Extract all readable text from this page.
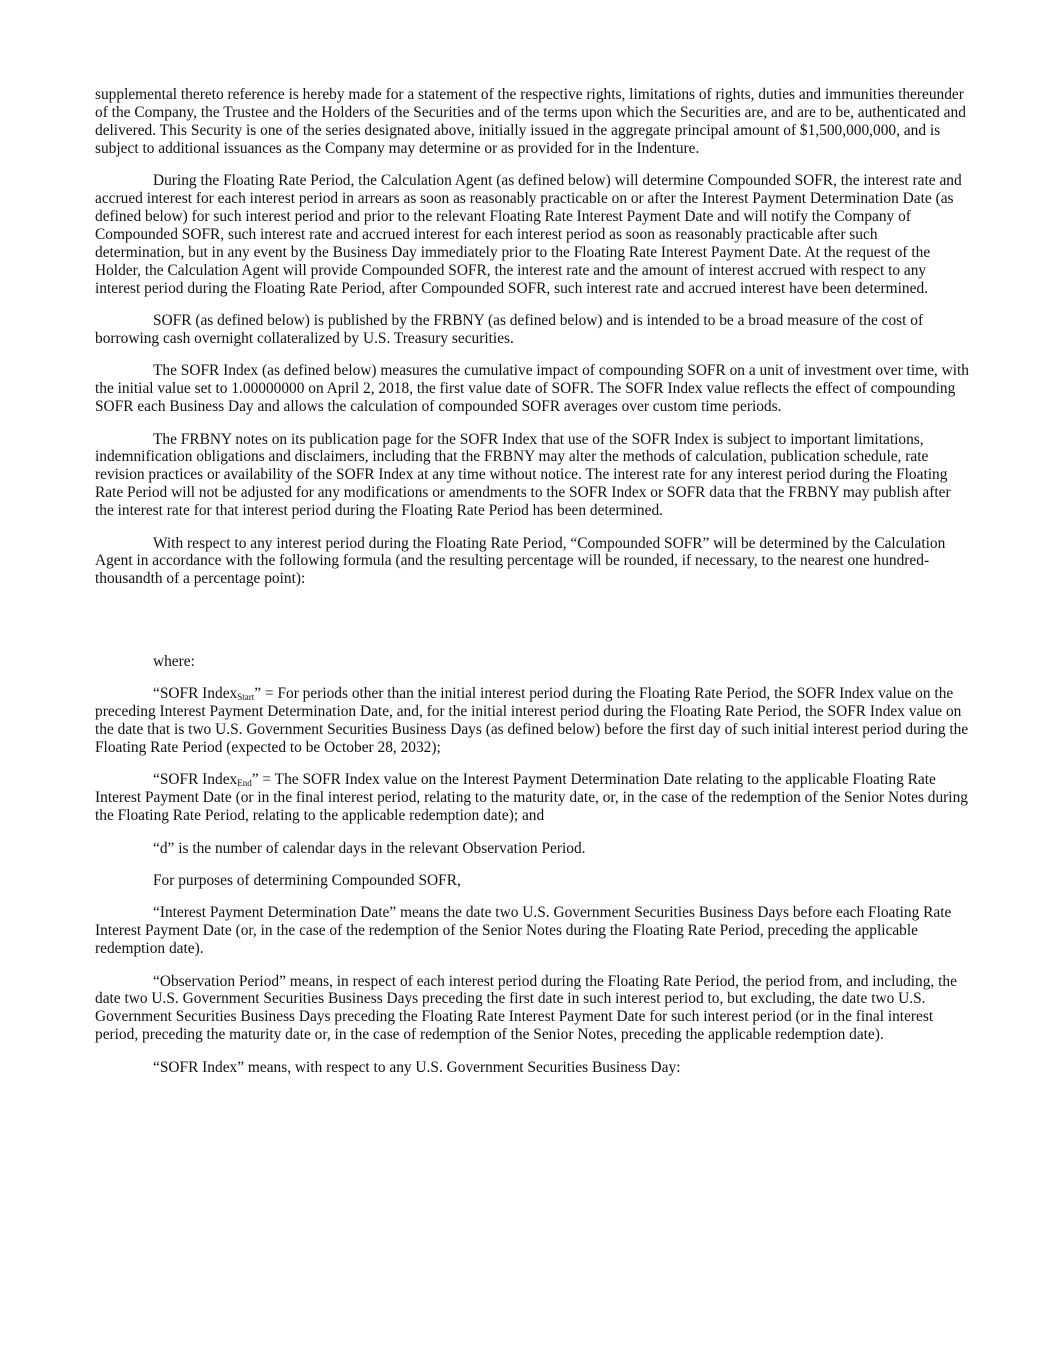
supplemental thereto reference is hereby made for a statement of the respective rights, limitations of rights, duties and immunities thereunder of the Company, the Trustee and the Holders of the Securities and of the terms upon which the Securities are, and are to be, authenticated and delivered. This Security is one of the series designated above, initially issued in the aggregate principal amount of $1,500,000,000, and is subject to additional issuances as the Company may determine or as provided for in the Indenture.

During the Floating Rate Period, the Calculation Agent (as defined below) will determine Compounded SOFR, the interest rate and accrued interest for each interest period in arrears as soon as reasonably practicable on or after the Interest Payment Determination Date (as defined below) for such interest period and prior to the relevant Floating Rate Interest Payment Date and will notify the Company of Compounded SOFR, such interest rate and accrued interest for each interest period as soon as reasonably practicable after such determination, but in any event by the Business Day immediately prior to the Floating Rate Interest Payment Date. At the request of the Holder, the Calculation Agent will provide Compounded SOFR, the interest rate and the amount of interest accrued with respect to any interest period during the Floating Rate Period, after Compounded SOFR, such interest rate and accrued interest have been determined.

SOFR (as defined below) is published by the FRBNY (as defined below) and is intended to be a broad measure of the cost of borrowing cash overnight collateralized by U.S. Treasury securities.

The SOFR Index (as defined below) measures the cumulative impact of compounding SOFR on a unit of investment over time, with the initial value set to 1.00000000 on April 2, 2018, the first value date of SOFR. The SOFR Index value reflects the effect of compounding SOFR each Business Day and allows the calculation of compounded SOFR averages over custom time periods.

The FRBNY notes on its publication page for the SOFR Index that use of the SOFR Index is subject to important limitations, indemnification obligations and disclaimers, including that the FRBNY may alter the methods of calculation, publication schedule, rate revision practices or availability of the SOFR Index at any time without notice. The interest rate for any interest period during the Floating Rate Period will not be adjusted for any modifications or amendments to the SOFR Index or SOFR data that the FRBNY may publish after the interest rate for that interest period during the Floating Rate Period has been determined.

With respect to any interest period during the Floating Rate Period, “Compounded SOFR” will be determined by the Calculation Agent in accordance with the following formula (and the resulting percentage will be rounded, if necessary, to the nearest one hundred-thousandth of a percentage point):

where:

“SOFR Index$_{Start}$” = For periods other than the initial interest period during the Floating Rate Period, the SOFR Index value on the preceding Interest Payment Determination Date, and, for the initial interest period during the Floating Rate Period, the SOFR Index value on the date that is two U.S. Government Securities Business Days (as defined below) before the first day of such initial interest period during the Floating Rate Period (expected to be October 28, 2032);

“SOFR Index$_{End}$” = The SOFR Index value on the Interest Payment Determination Date relating to the applicable Floating Rate Interest Payment Date (or in the final interest period, relating to the maturity date, or, in the case of the redemption of the Senior Notes during the Floating Rate Period, relating to the applicable redemption date); and

“d” is the number of calendar days in the relevant Observation Period.

For purposes of determining Compounded SOFR,

“Interest Payment Determination Date” means the date two U.S. Government Securities Business Days before each Floating Rate Interest Payment Date (or, in the case of the redemption of the Senior Notes during the Floating Rate Period, preceding the applicable redemption date).

“Observation Period” means, in respect of each interest period during the Floating Rate Period, the period from, and including, the date two U.S. Government Securities Business Days preceding the first date in such interest period to, but excluding, the date two U.S. Government Securities Business Days preceding the Floating Rate Interest Payment Date for such interest period (or in the final interest period, preceding the maturity date or, in the case of redemption of the Senior Notes, preceding the applicable redemption date).

“SOFR Index” means, with respect to any U.S. Government Securities Business Day:
